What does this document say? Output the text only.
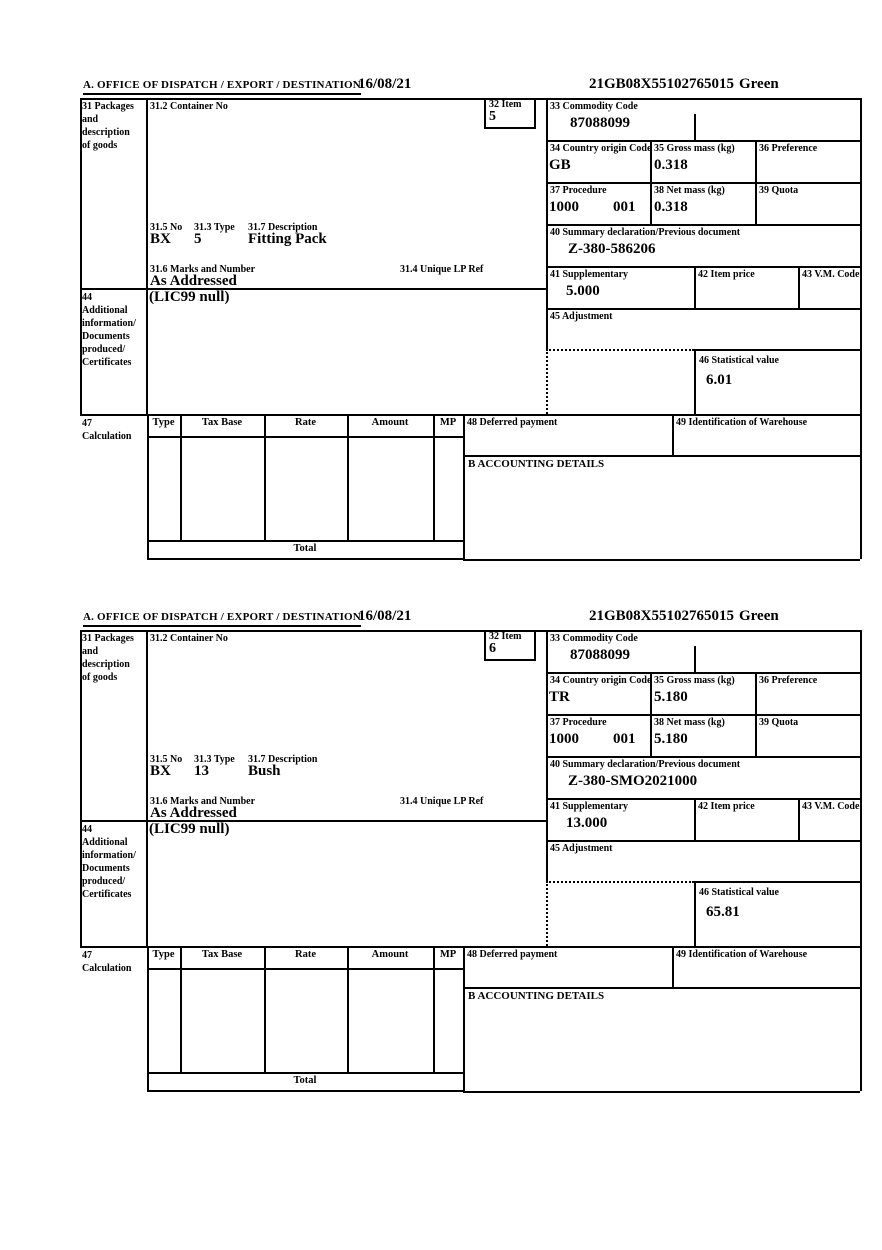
A. OFFICE OF DISPATCH / EXPORT / DESTINATION
16/08/21	21GB08X55102765015 Green
31 Packages
and
description
of goods
44
Additional
information/
Documents
produced/
Certificates
47
Calculation
31.2 Container No	32 Item
5
31.5 No 31.3 Type 31.7 Description
BX 5	Fitting Pack
31.6 Marks and Number	31.4 Unique LP Ref
As Addressed
(LIC99 null)
33 Commodity Code
87088099
34 Country origin Code
GB
35 Gross mass (kg)
0.318
36 Preference
37 Procedure
1000 001
38 Net mass (kg)
0.318
39 Quota
40 Summary declaration/Previous document
Z-380-586206
41 Supplementary
5.000
42 Item price	43 V.M. Code
45 Adjustment
46 Statistical value
6.01
Type	Tax Base	Rate	Amount	MP
Total
48 Deferred payment	49 Identification of Warehouse
B ACCOUNTING DETAILS
A. OFFICE OF DISPATCH / EXPORT / DESTINATION
16/08/21	21GB08X55102765015 Green
31 Packages
and
description
of goods
44
Additional
information/
Documents
produced/
Certificates
47
Calculation
31.2 Container No	32 Item
6
31.5 No 31.3 Type 31.7 Description
BX 13	Bush
31.6 Marks and Number	31.4 Unique LP Ref
As Addressed
(LIC99 null)
33 Commodity Code
87088099
34 Country origin Code
TR
35 Gross mass (kg)
5.180
36 Preference
37 Procedure
1000 001
38 Net mass (kg)
5.180
39 Quota
40 Summary declaration/Previous document
Z-380-SMO2021000
41 Supplementary
13.000
42 Item price	43 V.M. Code
45 Adjustment
46 Statistical value
65.81
Type	Tax Base	Rate	Amount	MP
Total
48 Deferred payment	49 Identification of Warehouse
B ACCOUNTING DETAILS
